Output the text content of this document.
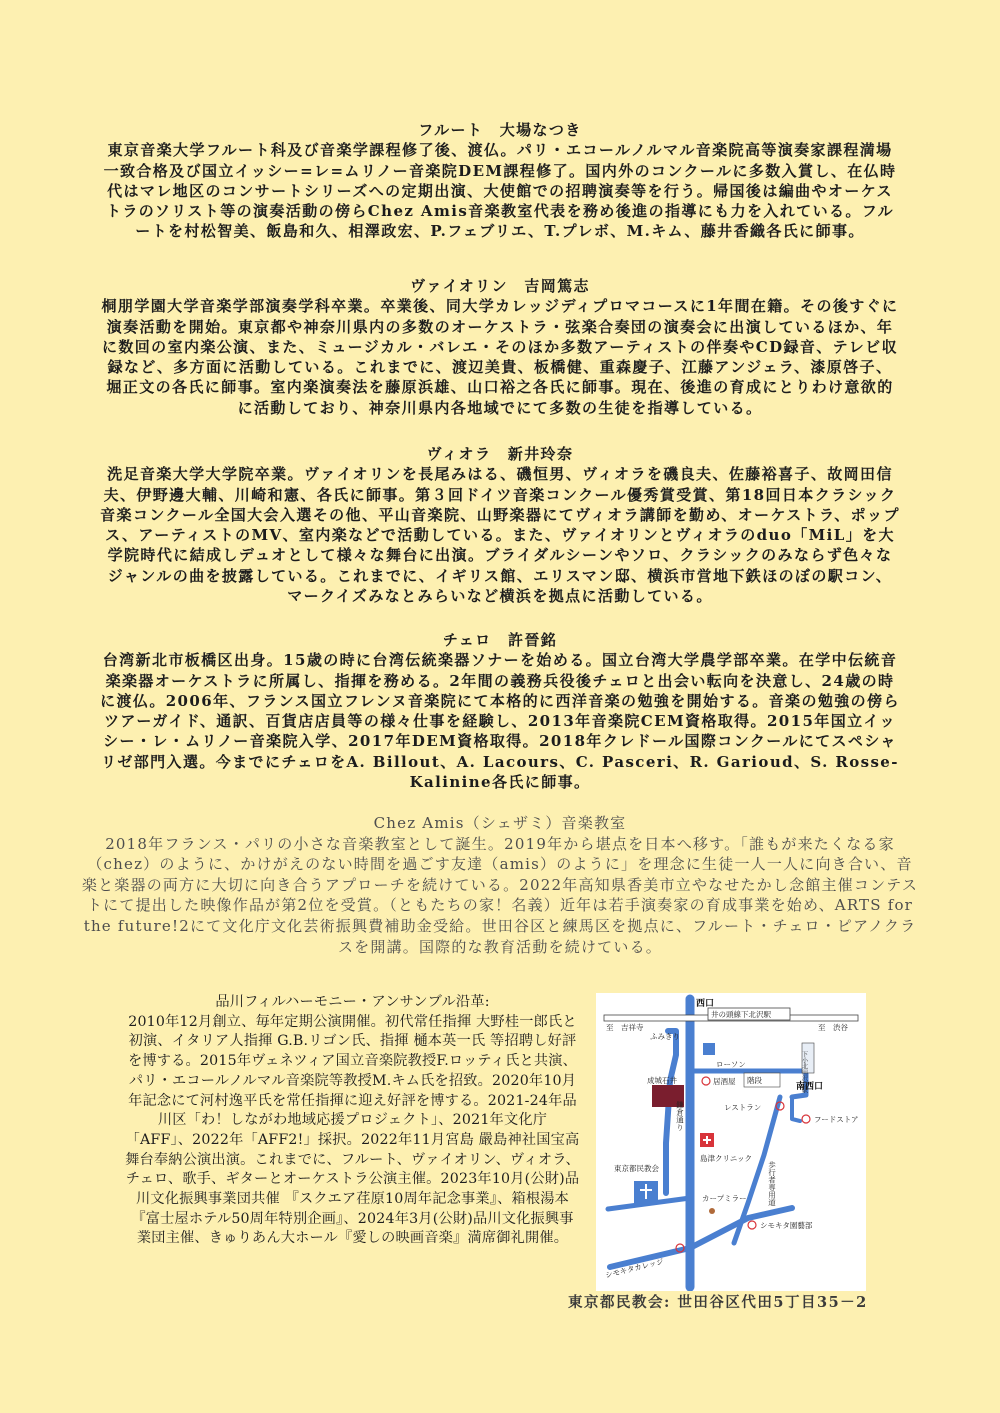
フルート　大場なつき

東京音楽大学フルート科及び音楽学課程修了後、渡仏。パリ・エコールノルマル音楽院高等演奏家課程満場一致合格及び国立イッシー=レ=ムリノー音楽院DEM課程修了。国内外のコンクールに多数入賞し、在仏時代はマレ地区のコンサートシリーズへの定期出演、大使館での招聘演奏等を行う。帰国後は編曲やオーケストラのソリスト等の演奏活動の傍らChez Amis音楽教室代表を務め後進の指導にも力を入れている。フルートを村松智美、飯島和久、相澤政宏、P.フェブリエ、T.プレボ、M.キム、藤井香織各氏に師事。

ヴァイオリン　吉岡篤志

桐朋学園大学音楽学部演奏学科卒業。卒業後、同大学カレッジディプロマコースに1年間在籍。その後すぐに演奏活動を開始。東京都や神奈川県内の多数のオーケストラ・弦楽合奏団の演奏会に出演しているほか、年に数回の室内楽公演、また、ミュージカル・バレエ・そのほか多数アーティストの伴奏やCD録音、テレビ収録など、多方面に活動している。これまでに、渡辺美貴、板橋健、重森慶子、江藤アンジェラ、漆原啓子、堀正文の各氏に師事。室内楽演奏法を藤原浜雄、山口裕之各氏に師事。現在、後進の育成にとりわけ意欲的に活動しており、神奈川県内各地域でにて多数の生徒を指導している。

ヴィオラ　新井玲奈

洗足音楽大学大学院卒業。ヴァイオリンを長尾みはる、磯恒男、ヴィオラを磯良夫、佐藤裕喜子、故岡田信夫、伊野邊大輔、川崎和憲、各氏に師事。第３回ドイツ音楽コンクール優秀賞受賞、第18回日本クラシック音楽コンクール全国大会入選その他、平山音楽院、山野楽器にてヴィオラ講師を勤め、オーケストラ、ポップス、アーティストのMV、室内楽などで活動している。また、ヴァイオリンとヴィオラのduo「MiL」を大学院時代に結成しデュオとして様々な舞台に出演。ブライダルシーンやソロ、クラシックのみならず色々なジャンルの曲を披露している。これまでに、イギリス館、エリスマン邸、横浜市営地下鉄ほのぼの駅コン、マークイズみなとみらいなど横浜を拠点に活動している。

チェロ　許晉銘

台湾新北市板橋区出身。15歳の時に台湾伝統楽器ソナーを始める。国立台湾大学農学部卒業。在学中伝統音楽楽器オーケストラに所属し、指揮を務める。2年間の義務兵役後チェロと出会い転向を決意し、24歳の時に渡仏。2006年、フランス国立フレンヌ音楽院にて本格的に西洋音楽の勉強を開始する。音楽の勉強の傍らツアーガイド、通訳、百貨店店員等の様々仕事を経験し、2013年音楽院CEM資格取得。2015年国立イッシー・レ・ムリノー音楽院入学、2017年DEM資格取得。2018年クレドール国際コンクールにてスペシャリゼ部門入選。今までにチェロをA. Billout、A. Lacours、C. Pasceri、R. Garioud、S. Rosse-Kalinine各氏に師事。

Chez Amis（シェザミ）音楽教室

2018年フランス・パリの小さな音楽教室として誕生。2019年から堪点を日本へ移す。「誰もが来たくなる家（chez）のように、かけがえのない時間を過ごす友達（amis）のように」を理念に生徒一人一人に向き合い、音楽と楽器の両方に大切に向き合うアプローチを続けている。2022年高知県香美市立やなせたかし念館主催コンテストにて提出した映像作品が第2位を受賞。（ともたちの家！名義）近年は若手演奏家の育成事業を始め、ARTS for the future!2にて文化庁文化芸術振興費補助金受給。世田谷区と練馬区を拠点に、フルート・チェロ・ピアノクラスを開講。国際的な教育活動を続けている。

品川フィルハーモニー・アンサンブル沿革:
2010年12月創立、毎年定期公演開催。初代常任指揮 大野桂一郎氏と初演、イタリア人指揮 G.B.リゴン氏、指揮 樋本英一氏 等招聘し好評を博する。2015年ヴェネツィア国立音楽院教授F.ロッティ氏と共演、パリ・エコールノルマル音楽院等教授M.キム氏を招致。2020年10月年記念にて河村逸平氏を常任指揮に迎え好評を博する。2021-24年品川区「わ！しながわ地域応援プロジェクト」、2021年文化庁「AFF」、2022年「AFF2!」採択。2022年11月宮島 嚴島神社国宝高舞台奉納公演出演。これまでに、フルート、ヴァイオリン、ヴィオラ、チェロ、歌手、ギターとオーケストラ公演主催。2023年10月(公財)品川文化振興事業団共催 『スクエア荏原10周年記念事業』、箱根湯本 『富士屋ホテル50周年特別企画』、2024年3月(公財)品川文化振興事業団主催、きゅりあん大ホール『愛しの映画音楽』満席御礼開催。
西口
井の頭線下北沢駅
至　吉祥寺	至　渋谷
ふみきり
下小北田沢急駅
ローソン
成城石井	居酒屋 階段
南西口
レストラン
フードストア
鎌倉通り
島津クリニック
東京都民教会	歩行者専用道
カープミラー
シモキタ園藝部
シモキタカレッジ
東京都民教会: 世田谷区代田5丁目35－2
